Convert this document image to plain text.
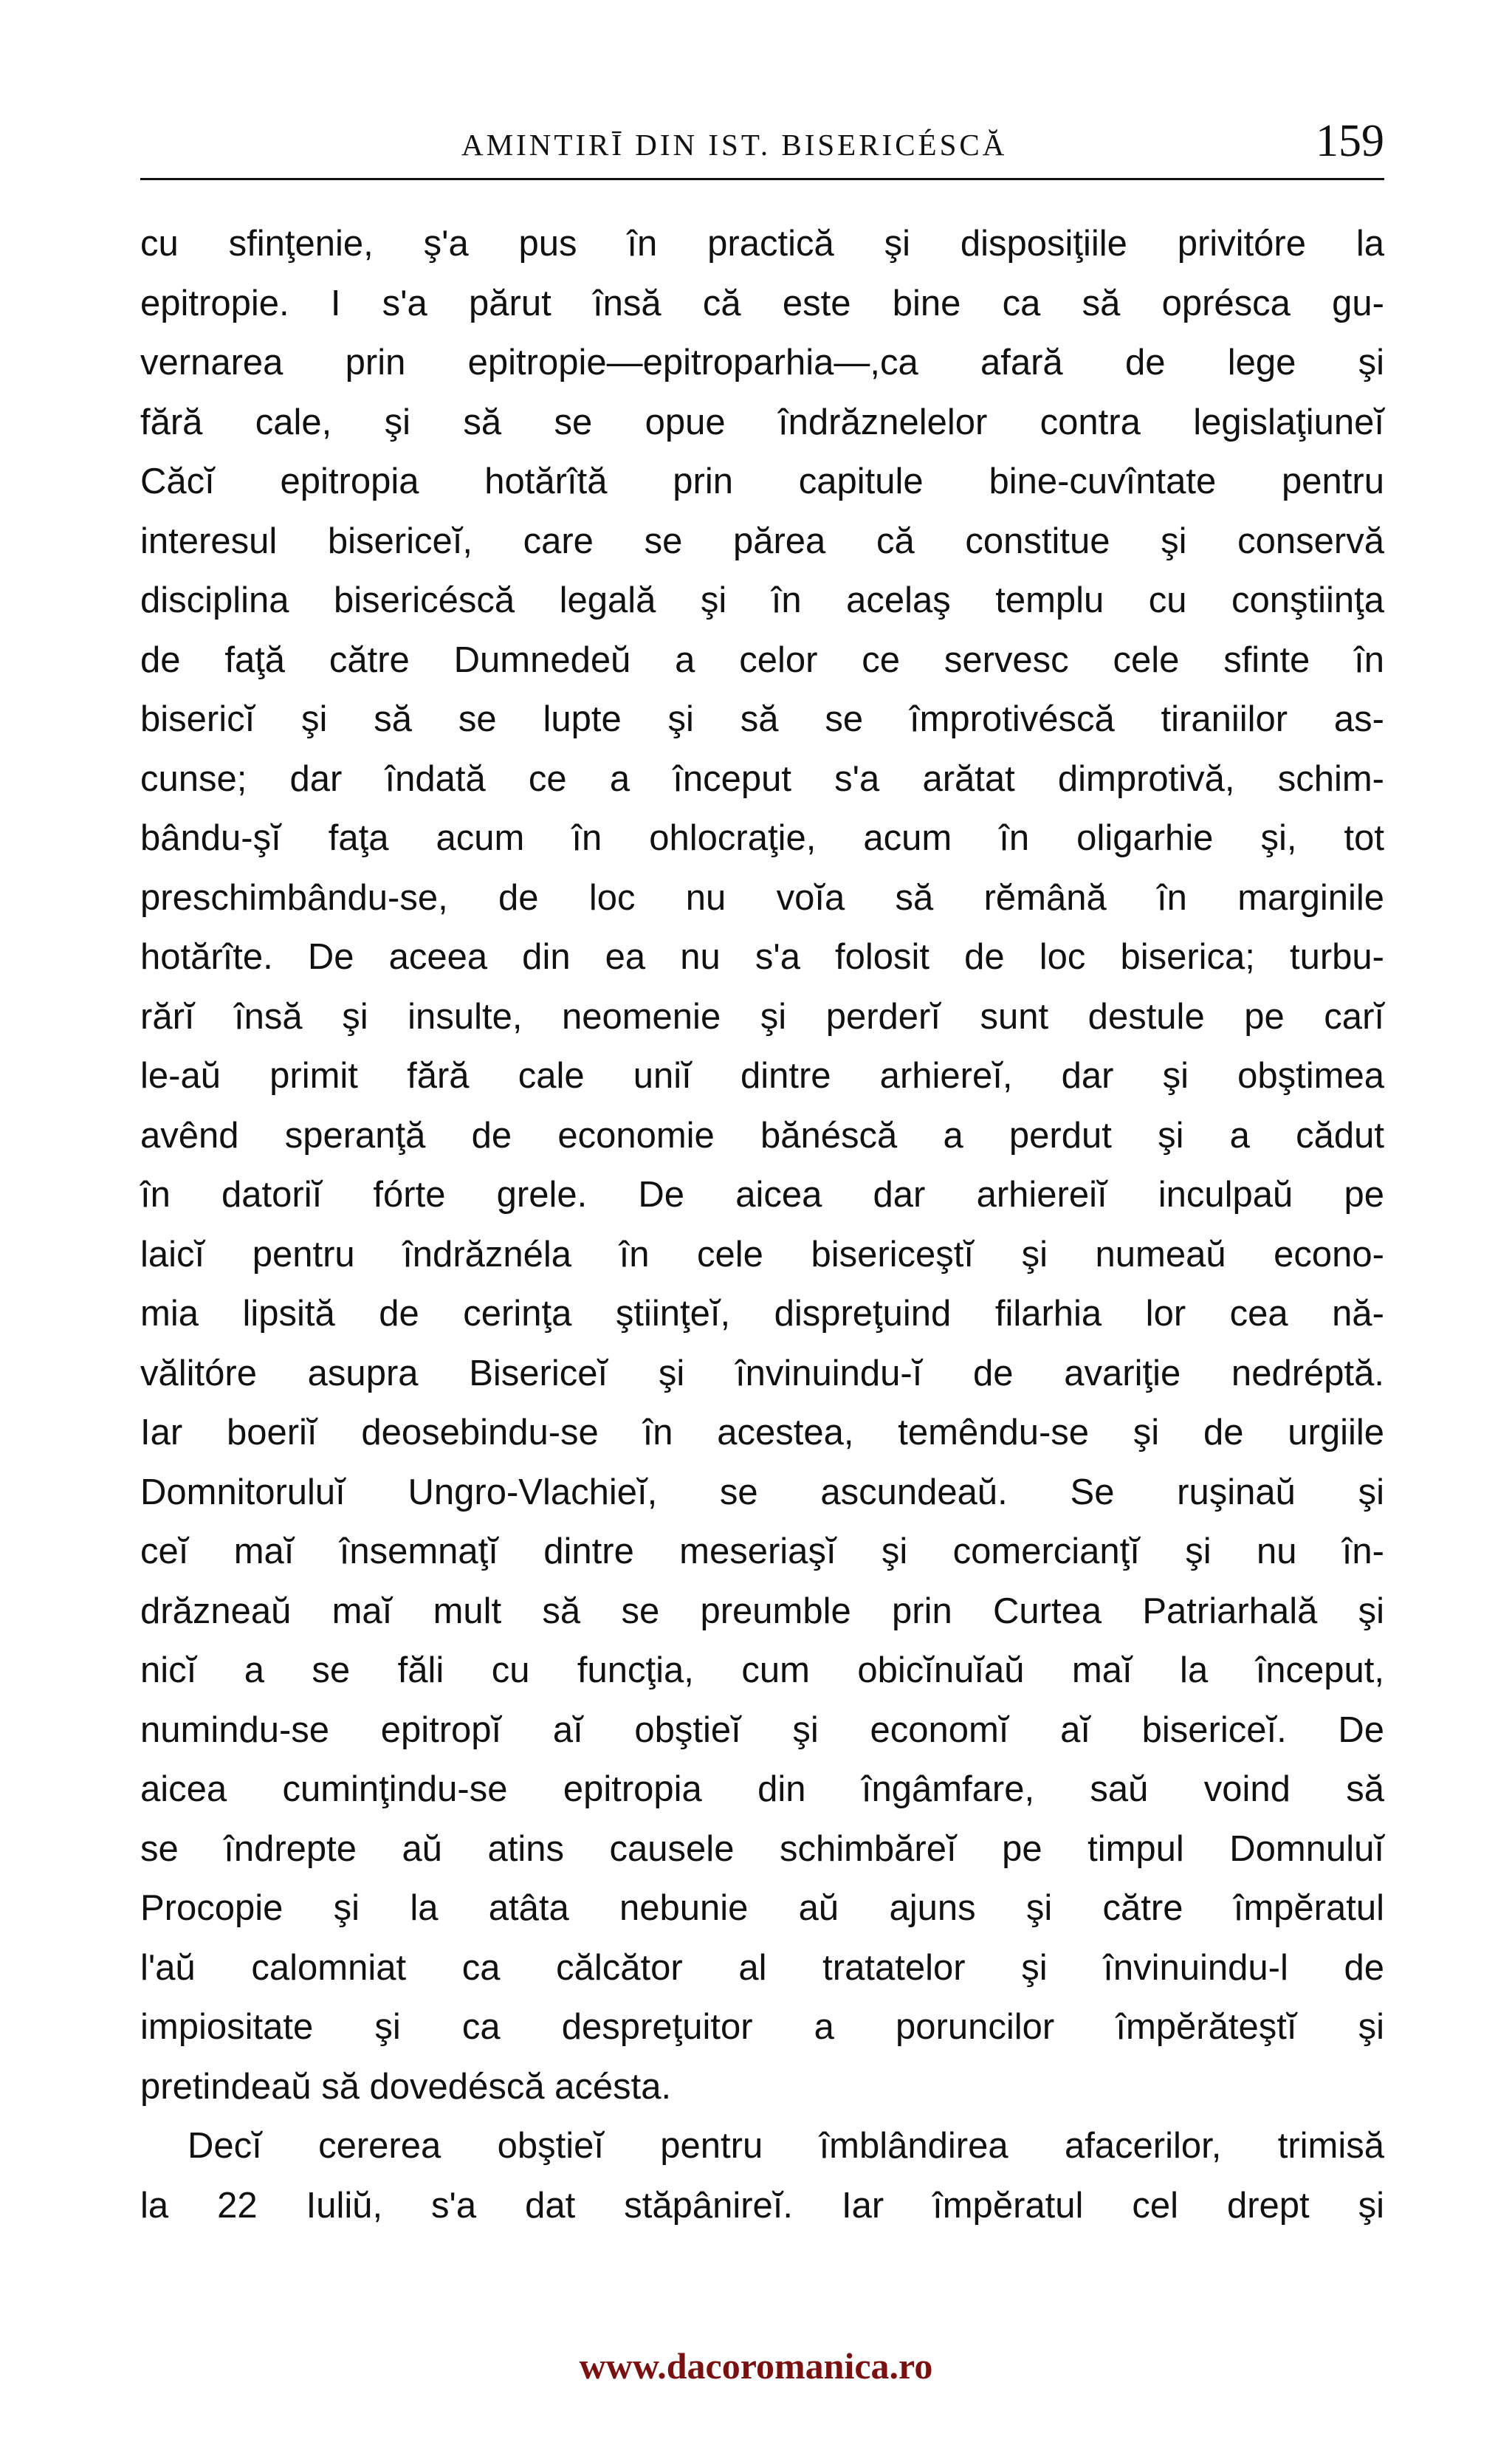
AMINTIRĪ DIN IST. BISERICÉSCĂ	159
cu sfinţenie, ş'a pus în practică şi disposiţiile privitóre la
epitropie. I s'a părut însă că este bine ca să oprésca gu-
vernarea prin epitropie—epitroparhia—,ca afară de lege şi
fără cale, şi să se opue îndrăznelelor contra legislaţiuneĭ
Căcĭ epitropia hotărîtă prin capitule bine-cuvîntate pentru
interesul bisericeĭ, care se părea că constitue şi conservă
disciplina bisericéscă legală şi în acelaş templu cu conştiinţa
de faţă către Dumnedeŭ a celor ce servesc cele sfinte în
bisericĭ şi să se lupte şi să se împrotivéscă tiraniilor as-
cunse; dar îndată ce a început s'a arătat dimprotivă, schim-
bându-şĭ faţa acum în ohlocraţie, acum în oligarhie şi, tot
preschimbându-se, de loc nu voĭa să rĕmână în marginile
hotărîte. De aceea din ea nu s'a folosit de loc biserica; turbu-
rărĭ însă şi insulte, neomenie şi perderĭ sunt destule pe carĭ
le-aŭ primit fără cale uniĭ dintre arhiereĭ, dar şi obştimea
avênd speranţă de economie bănéscă a perdut şi a cădut
în datoriĭ fórte grele. De aicea dar arhiereiĭ inculpaŭ pe
laicĭ pentru îndrăznéla în cele bisericeştĭ şi numeaŭ econo-
mia lipsită de cerinţa ştiinţeĭ, dispreţuind filarhia lor cea nă-
vălitóre asupra Bisericeĭ şi învinuindu-ĭ de avariţie nedréptă.
Iar boeriĭ deosebindu-se în acestea, temêndu-se şi de urgiile
Domnitoruluĭ Ungro-Vlachieĭ, se ascundeaŭ. Se ruşinaŭ şi
ceĭ maĭ însemnaţĭ dintre meseriaşĭ şi comercianţĭ şi nu în-
drăzneaŭ maĭ mult să se preumble prin Curtea Patriarhală şi
nicĭ a se făli cu funcţia, cum obicĭnuĭaŭ maĭ la început,
numindu-se epitropĭ aĭ obştieĭ şi economĭ aĭ bisericeĭ. De
aicea cuminţindu-se epitropia din îngâmfare, saŭ voind să
se îndrepte aŭ atins causele schimbăreĭ pe timpul Domnuluĭ
Procopie şi la atâta nebunie aŭ ajuns şi către împĕratul
l'aŭ calomniat ca călcător al tratatelor şi învinuindu-l de
impiositate şi ca despreţuitor a poruncilor împĕrăteştĭ şi
pretindeaŭ să dovedéscă acésta.
Decĭ cererea obştieĭ pentru îmblândirea afacerilor, trimisă
la 22 Iuliŭ, s'a dat stăpânireĭ. Iar împĕratul cel drept şi
www.dacoromanica.ro
